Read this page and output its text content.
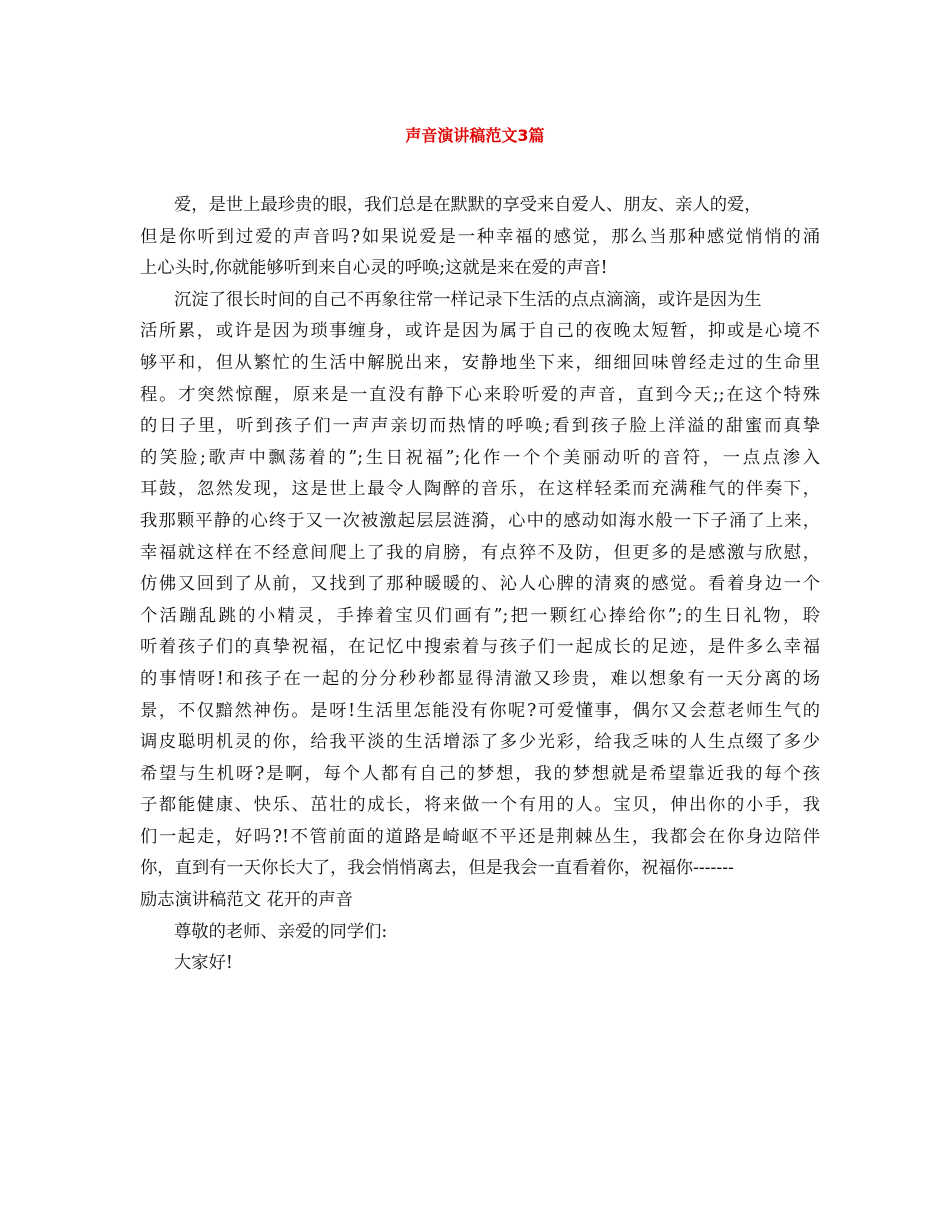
声音演讲稿范文3篇
爱，是世上最珍贵的眼，我们总是在默默的享受来自爱人、朋友、亲人的爱，
但是你听到过爱的声音吗?如果说爱是一种幸福的感觉，那么当那种感觉悄悄的涌
上心头时,你就能够听到来自心灵的呼唤;这就是来在爱的声音!
沉淀了很长时间的自己不再象往常一样记录下生活的点点滴滴，或许是因为生
活所累，或许是因为琐事缠身，或许是因为属于自己的夜晚太短暂，抑或是心境不
够平和，但从繁忙的生活中解脱出来，安静地坐下来，细细回味曾经走过的生命里
程。才突然惊醒，原来是一直没有静下心来聆听爱的声音，直到今天;;在这个特殊
的日子里，听到孩子们一声声亲切而热情的呼唤;看到孩子脸上洋溢的甜蜜而真挚
的笑脸;歌声中飘荡着的”;生日祝福”;化作一个个美丽动听的音符，一点点渗入
耳鼓，忽然发现，这是世上最令人陶醉的音乐，在这样轻柔而充满稚气的伴奏下，
我那颗平静的心终于又一次被激起层层涟漪，心中的感动如海水般一下子涌了上来，
幸福就这样在不经意间爬上了我的肩膀，有点猝不及防，但更多的是感激与欣慰，
仿佛又回到了从前，又找到了那种暖暖的、沁人心脾的清爽的感觉。看着身边一个
个活蹦乱跳的小精灵，手捧着宝贝们画有”;把一颗红心捧给你”;的生日礼物，聆
听着孩子们的真挚祝福，在记忆中搜索着与孩子们一起成长的足迹，是件多么幸福
的事情呀!和孩子在一起的分分秒秒都显得清澈又珍贵，难以想象有一天分离的场
景，不仅黯然神伤。是呀!生活里怎能没有你呢?可爱懂事，偶尔又会惹老师生气的
调皮聪明机灵的你，给我平淡的生活增添了多少光彩，给我乏味的人生点缀了多少
希望与生机呀?是啊，每个人都有自己的梦想，我的梦想就是希望靠近我的每个孩
子都能健康、快乐、茁壮的成长，将来做一个有用的人。宝贝，伸出你的小手，我
们一起走，好吗?!不管前面的道路是崎岖不平还是荆棘丛生，我都会在你身边陪伴
你，直到有一天你长大了，我会悄悄离去，但是我会一直看着你，祝福你-------
励志演讲稿范文 花开的声音
尊敬的老师、亲爱的同学们:
大家好!
